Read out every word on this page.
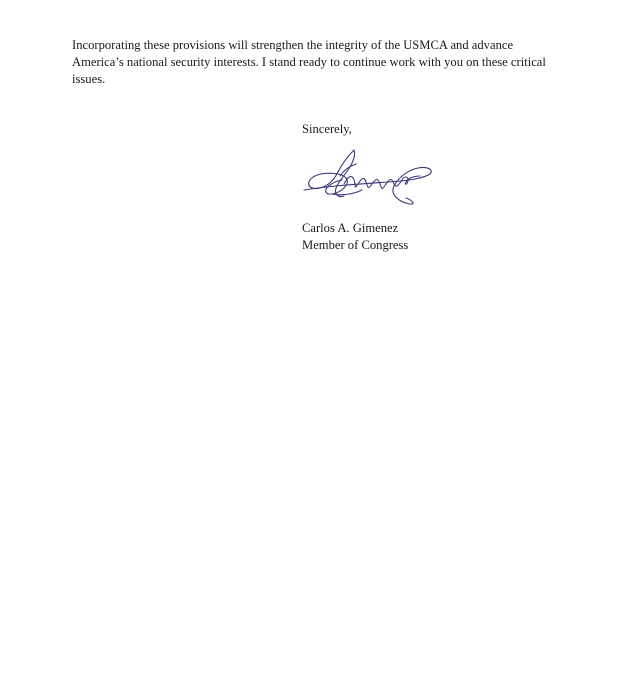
Incorporating these provisions will strengthen the integrity of the USMCA and advance America’s national security interests. I stand ready to continue work with you on these critical issues.

Sincerely,

Carlos A. Gimenez
Member of Congress
